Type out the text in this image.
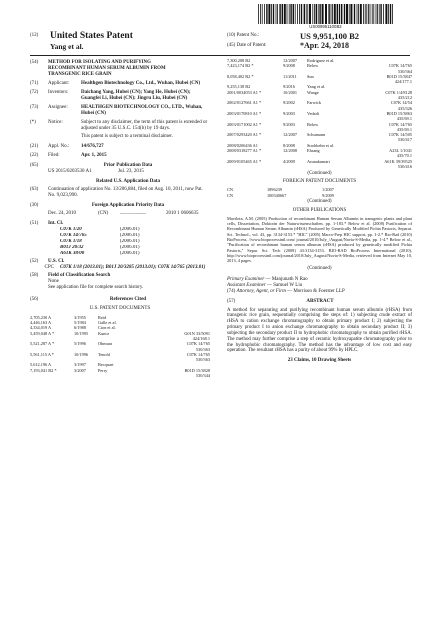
US009951100B2
(12) United States Patent
Yang et al.
(10) Patent No.:	US 9,951,100 B2
(45) Date of Patent:	*Apr. 24, 2018
(54)	METHOD FOR ISOLATING AND PURIFYING RECOMBINANT HUMAN SERUM ALBUMIN FROM TRANSGENIC RICE GRAIN
(71)	Applicant:	Healthgen Biotechnology Co., Ltd., Wuhan, Hubei (CN)
(72)	Inventors:	Daichang Yang, Hubei (CN); Yang He, Hubei (CN); Guangfei Li, Hubei (CN); Jingru Liu, Hubei (CN)
(73)	Assignee:	HEALTHGEN BIOTECHNOLOGY CO., LTD., Wuhan, Hubei (CN)
(*)	Notice:	Subject to any disclaimer, the term of this patent is extended or adjusted under 35 U.S.C. 154(b) by 19 days.
This patent is subject to a terminal disclaimer.
(21)	Appl. No.:	14/676,727
(22)	Filed:	Apr. 1, 2015
(65)	Prior Publication Data
US 2015/0203530 A1	Jul. 23, 2015
Related U.S. Application Data
(63)	Continuation of application No. 13/206,884, filed on Aug. 10, 2011, now Pat. No. 9,023,990.
(30)	Foreign Application Priority Data
Dec. 24, 2010	(CN)	.........................	2010 1 0606635
(51)	Int. Cl.
C07K 1/20	(2006.01)
C07K 14/765	(2006.01)
C07K 1/18	(2006.01)
B01J 20/32	(2006.01)
A61K 38/00	(2006.01)
(52)	U.S. Cl.
CPC	C07K 1/18 (2013.01); B01J 20/3285 (2013.01); C07K 14/765 (2013.01)
(58)	Field of Classification Search
None
See application file for complete search history.
(56)	References Cited
U.S. PATENT DOCUMENTS
2,705,230 A	3/1955	Reid
4,446,163 A	5/1984	Galle et al.
4,334,019 A	6/1988	Cion et al.
5,459,048 A *	10/1995	Kuncz	G01N 33/5091
424/168.1
5,521,287 A *	5/1996	Ohmura	C07K 14/765
530/363
5,561,115 A *	10/1996	Tenold	C07K 14/765
530/363
5,612,196 A	3/1997	Becquart
7,193,041 B2 *	3/2007	Perry	B01D 15/3828
530/344
7,300,208 B2	12/2007	Rodriguez et al.
7,423,174 B2 *	9/2008	Below	C07K 14/765
530/364
8,058,402 B2 *	11/2011	Sun	B01D 15/3847
424/177.1
9,255,138 B2	9/2016	Yang et al.
2001/0034053 A1 *	10/2001	Wange	C07K 1/4/8128
435/212
2002/0127661 A1 *	9/2002	Farwick	C07K 14/54
435/326
2003/0170810 A1 *	9/2003	Vedadi	B01D 15/3863
435/69.1
2003/0171002 A1 *	9/2003	Below	C07K 14/765
435/69.1
2007/0293420 A1 *	12/2007	Schumann	C07K 14/505
530/417
2008/0206436 A1	8/2008	Strohbehn et al.
2008/0318277 A1 *	12/2008	Ehsang	A23L 1/1041
435/70.1
2009/0105465 A1 *	4/2009	Arunakumari	A61K 39/39525
530/416
(Continued)
FOREIGN PATENT DOCUMENTS
CN	1896239	1/2007
CN	100540667	9/2009
(Continued)
OTHER PUBLICATIONS
Mavilota, A.M. (2005) Production of recombinant Human Serum Albumin in transgenic plants and plant cells, Dissertation, Doktorin der Naturwissenschaften, pp. 1-183.* Below et al. (2008) Purification of Recombinant Human Serum Albumin (rHSA) Produced by Genetically Modified Pichia Pastoris, Separat. Sci. Technol., vol. 43, pp. 3134-3153.* "HIC" (2005) Macro-Prep HIC support, pp. 1-2.* Bio-Rad (2010) BioProcess, //www.bioprocessintl.com/ journal/2010/July_/August/Navia-S-Media, pp. 1-4.* Below et al., "Purification of recombinant human serum albumin (rHSA) produced by genetically modified Pichia Pastoris," Separ. Sci. Tech (2008) 43:3134-3153. BIO-RAD BioProcess International (2010), http://www.bioprocessintl.com/journal/2010/July_August/Nuvia-S-Media, retrieved from Internet May 10, 2013, 4 pages.
(Continued)
Primary Examiner — Manjunath N Rao
Assistant Examiner — Samuel W Liu
(74) Attorney, Agent, or Firm — Morrison & Foerster LLP
(57)	ABSTRACT
A method for separating and purifying recombinant human serum albumin (rHSA) from transgenic rice grain, sequentially comprising the steps of: 1) subjecting crude extract of rHSA to cation exchange chromatography to obtain primary product I; 2) subjecting the primary product I to anion exchange chromatography to obtain secondary product II; 3) subjecting the secondary product II to hydrophobic chromatography to obtain purified rHSA. The method may further comprise a step of ceramic hydroxyapatite chromatography prior to the hydrophobic chromatography. The method has the advantage of low cost and easy operation. The resultant rHSA has a purity of about 99% by HPLC.
23 Claims, 10 Drawing Sheets
